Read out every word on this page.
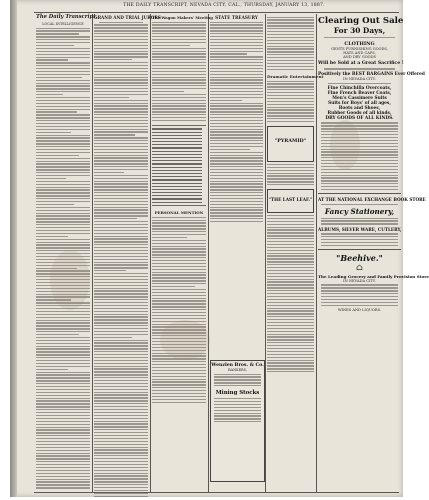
THE DAILY TRANSCRIPT, NEVADA CITY, CAL., THURSDAY, JANUARY 13, 1887.
The Daily Transcript.
LOCAL INTELLIGENCE
GRAND AND TRIAL JURORS
The Wagon Makers' Meeting
PERSONAL MENTION
STATE TREASURY
Wenzlen Bros. & Co.
BANKERS,
Mining Stocks
Dramatic Entertainment
"PYRAMID"
"THE LAST LEAF."
Clearing Out Sale
For 30 Days,
CLOTHING
GENTS FURNISHING GOODS,
HATS AND CAPS,
AND DRY GOODS
Will be Sold at a Great Sacrifice !
Positively the BEST BARGAINS Ever Offered
IN NEVADA CITY.
Fine Chinchilla Overcoats,
Fine French Beaver Coats,
Men's Cassimere Suits
Suits for Boys' of all ages,
Boots and Shoes,
Rubber Goods of all kinds,
DRY GOODS OF ALL KINDS.
AT THE NATIONAL EXCHANGE BOOK STORE
Fancy Stationery,
ALBUMS, SILVER WARE, CUTLERY,
"Beehive."
⌂
The Leading Grocery and Family Provision Store
IN NEVADA CITY.
WINES AND LIQUORS.
